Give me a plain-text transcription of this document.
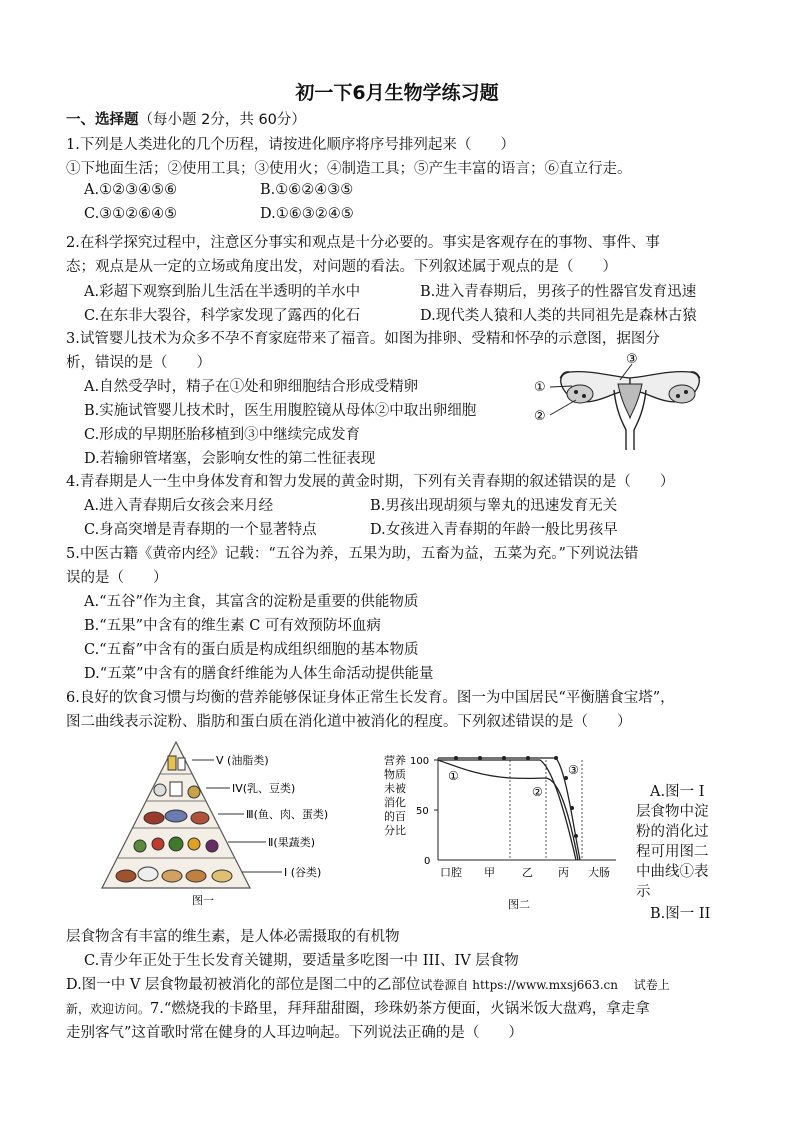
初一下6月生物学练习题
一、选择题（每小题 2分，共 60分）
1.下列是人类进化的几个历程，请按进化顺序将序号排列起来（　　）
①下地面生活；②使用工具；③使用火；④制造工具；⑤产生丰富的语言；⑥直立行走。
A.①②③④⑤⑥	B.①⑥②④③⑤
C.③①②⑥④⑤	D.①⑥③②④⑤
2.在科学探究过程中，注意区分事实和观点是十分必要的。事实是客观存在的事物、事件、事
态；观点是从一定的立场或角度出发，对问题的看法。下列叙述属于观点的是（　　）
A.彩超下观察到胎儿生活在半透明的羊水中	B.进入青春期后，男孩子的性器官发育迅速
C.在东非大裂谷，科学家发现了露西的化石	D.现代类人猿和人类的共同祖先是森林古猿
3.试管婴儿技术为众多不孕不育家庭带来了福音。如图为排卵、受精和怀孕的示意图，据图分
析，错误的是（　　）
A.自然受孕时，精子在①处和卵细胞结合形成受精卵
B.实施试管婴儿技术时，医生用腹腔镜从母体②中取出卵细胞
C.形成的早期胚胎移植到③中继续完成发育
D.若输卵管堵塞，会影响女性的第二性征表现
①
②
③
4.青春期是人一生中身体发育和智力发展的黄金时期，下列有关青春期的叙述错误的是（　　）
A.进入青春期后女孩会来月经	B.男孩出现胡须与睾丸的迅速发育无关
C.身高突增是青春期的一个显著特点	D.女孩进入青春期的年龄一般比男孩早
5.中医古籍《黄帝内经》记载：“五谷为养，五果为助，五畜为益，五菜为充。”下列说法错
误的是（　　）
A.“五谷”作为主食，其富含的淀粉是重要的供能物质
B.“五果”中含有的维生素 C 可有效预防坏血病
C.“五畜”中含有的蛋白质是构成组织细胞的基本物质
D.“五菜”中含有的膳食纤维能为人体生命活动提供能量
6.良好的饮食习惯与均衡的营养能够保证身体正常生长发育。图一为中国居民“平衡膳食宝塔”，
图二曲线表示淀粉、脂肪和蛋白质在消化道中被消化的程度。下列叙述错误的是（　　）
V (油脂类)
IV(乳、豆类)
Ⅲ(鱼、肉、蛋类)
Ⅱ(果蔬类)
I (谷类)
图一
营养
物质
未被
消化
的百
分比
100
50
0
①
②
③
口腔 甲 乙 丙 大肠
图二
A.图一 I
层食物中淀
粉的消化过
程可用图二
中曲线①表
示
B.图一 II
层食物含有丰富的维生素，是人体必需摄取的有机物
C.青少年正处于生长发育关键期，要适量多吃图一中 III、IV 层食物
D.图一中 V 层食物最初被消化的部位是图二中的乙部位试卷源自 https://www.mxsj663.cn　 试卷上
新，欢迎访问。7.“燃烧我的卡路里，拜拜甜甜圈，珍珠奶茶方便面，火锅米饭大盘鸡，拿走拿
走别客气”这首歌时常在健身的人耳边响起。下列说法正确的是（　　）
